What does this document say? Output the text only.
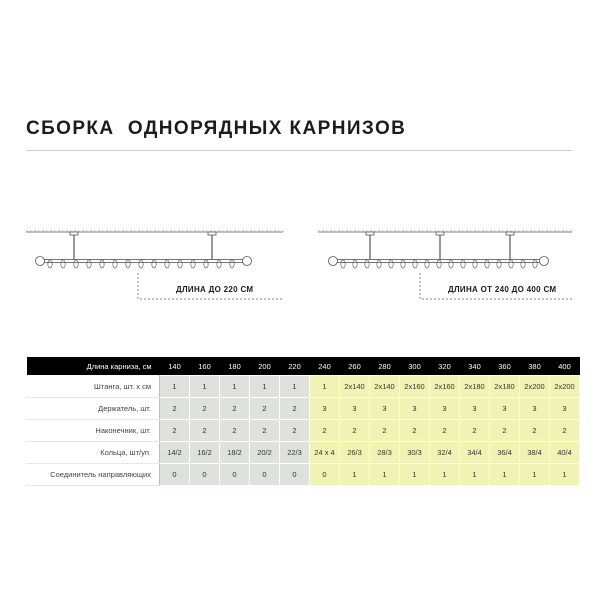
СБОРКА  ОДНОРЯДНЫХ КАРНИЗОВ
ДЛИНА ДО 220 СМ	ДЛИНА ОТ 240 ДО 400 СМ
Длина карниза, см	140	160	180	200	220	240	260	280	300	320	340	360	380	400
Штанга, шт. х см	1	1	1	1	1	1	2x140	2x140	2x160	2x160	2x180	2x180	2x200	2x200
Держатель, шт.	2	2	2	2	2	3	3	3	3	3	3	3	3	3
Наконечник, шт.	2	2	2	2	2	2	2	2	2	2	2	2	2	2
Кольца, шт/уп.	14/2	16/2	18/2	20/2	22/3	24 x 4	26/3	28/3	30/3	32/4	34/4	36/4	38/4	40/4
Соединитель направляющих	0	0	0	0	0	0	1	1	1	1	1	1	1	1
